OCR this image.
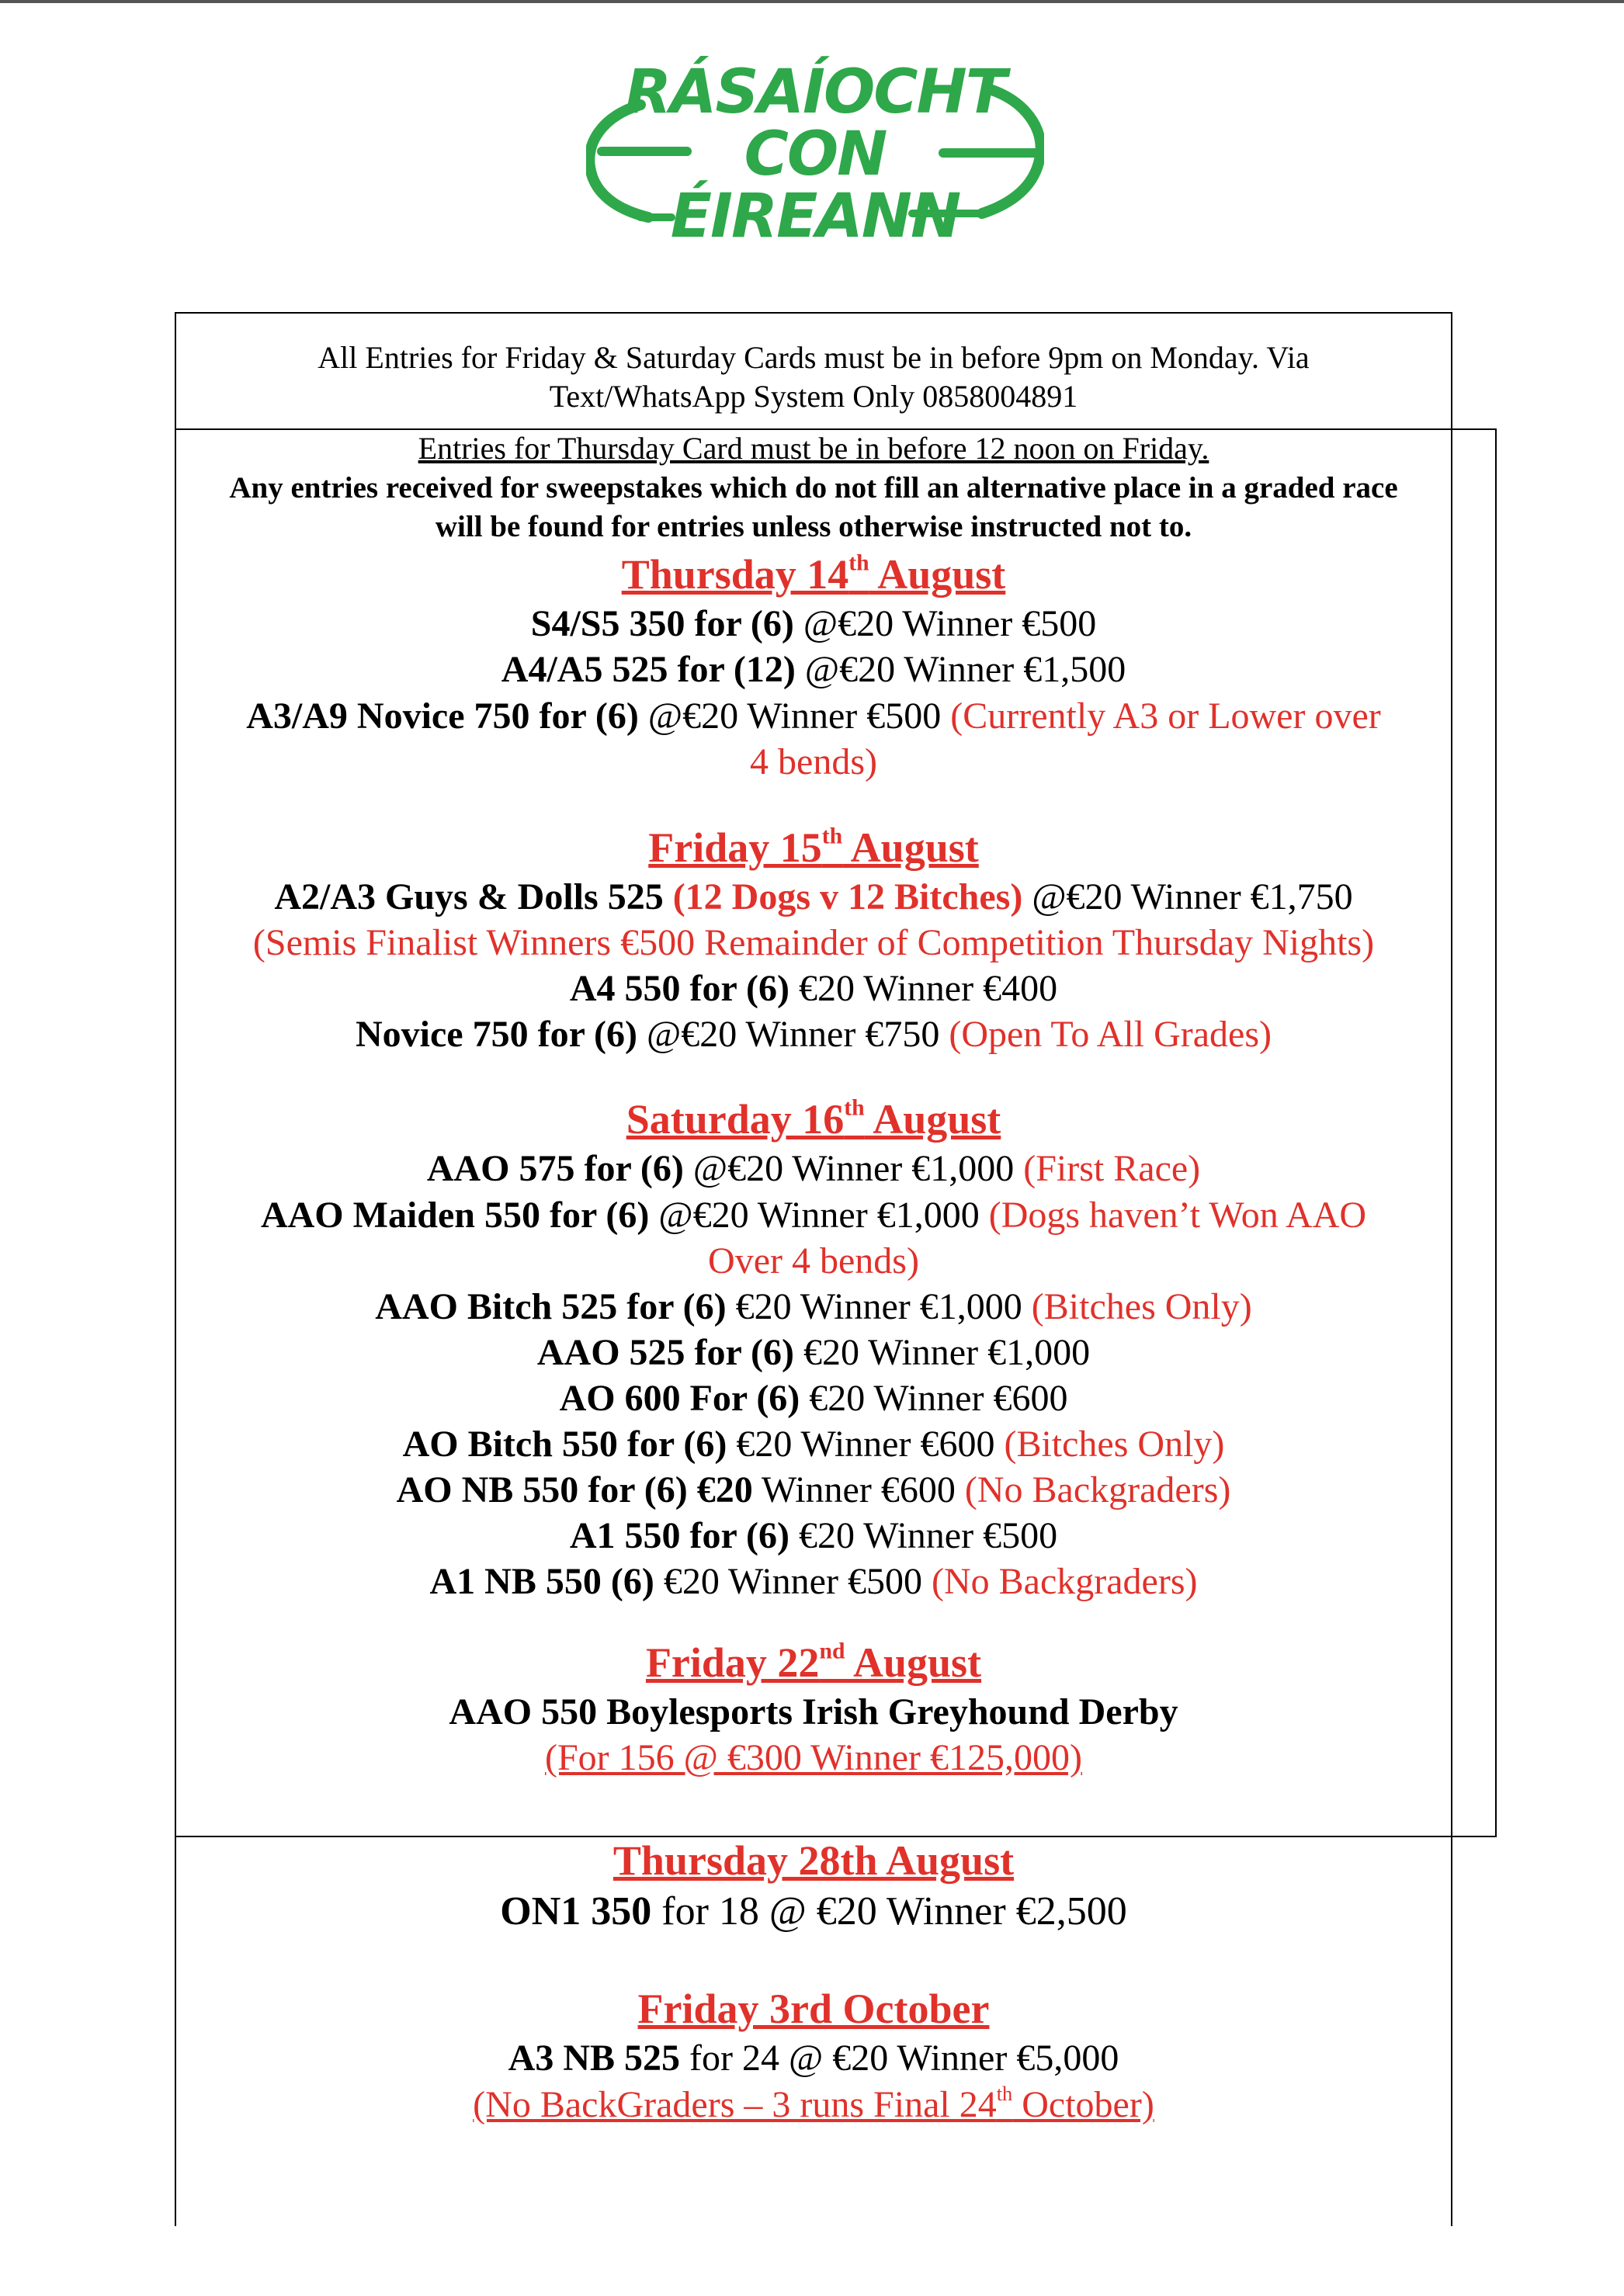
RÁSAÍOCHT
CON
ÉIREANN
All Entries for Friday & Saturday Cards must be in before 9pm on Monday. Via
Text/WhatsApp System Only 0858004891
Entries for Thursday Card must be in before 12 noon on Friday.
Any entries received for sweepstakes which do not fill an alternative place in a graded race
will be found for entries unless otherwise instructed not to.
Thursday 14th August
S4/S5 350 for (6) @€20 Winner €500
A4/A5 525 for (12) @€20 Winner €1,500
A3/A9 Novice 750 for (6) @€20 Winner €500 (Currently A3 or Lower over
4 bends)
Friday 15th August
A2/A3 Guys & Dolls 525 (12 Dogs v 12 Bitches) @€20 Winner €1,750
(Semis Finalist Winners €500 Remainder of Competition Thursday Nights)
A4 550 for (6) €20 Winner €400
Novice 750 for (6) @€20 Winner €750 (Open To All Grades)
Saturday 16th August
AAO 575 for (6) @€20 Winner €1,000 (First Race)
AAO Maiden 550 for (6) @€20 Winner €1,000 (Dogs haven’t Won AAO
Over 4 bends)
AAO Bitch 525 for (6) €20 Winner €1,000 (Bitches Only)
AAO 525 for (6) €20 Winner €1,000
AO 600 For (6) €20 Winner €600
AO Bitch 550 for (6) €20 Winner €600 (Bitches Only)
AO NB 550 for (6) €20 Winner €600 (No Backgraders)
A1 550 for (6) €20 Winner €500
A1 NB 550 (6) €20 Winner €500 (No Backgraders)
Friday 22nd August
AAO 550 Boylesports Irish Greyhound Derby
(For 156 @ €300 Winner €125,000)
Thursday 28th August
ON1 350 for 18 @ €20 Winner €2,500
Friday 3rd October
A3 NB 525 for 24 @ €20 Winner €5,000
(No BackGraders – 3 runs Final 24th October)
